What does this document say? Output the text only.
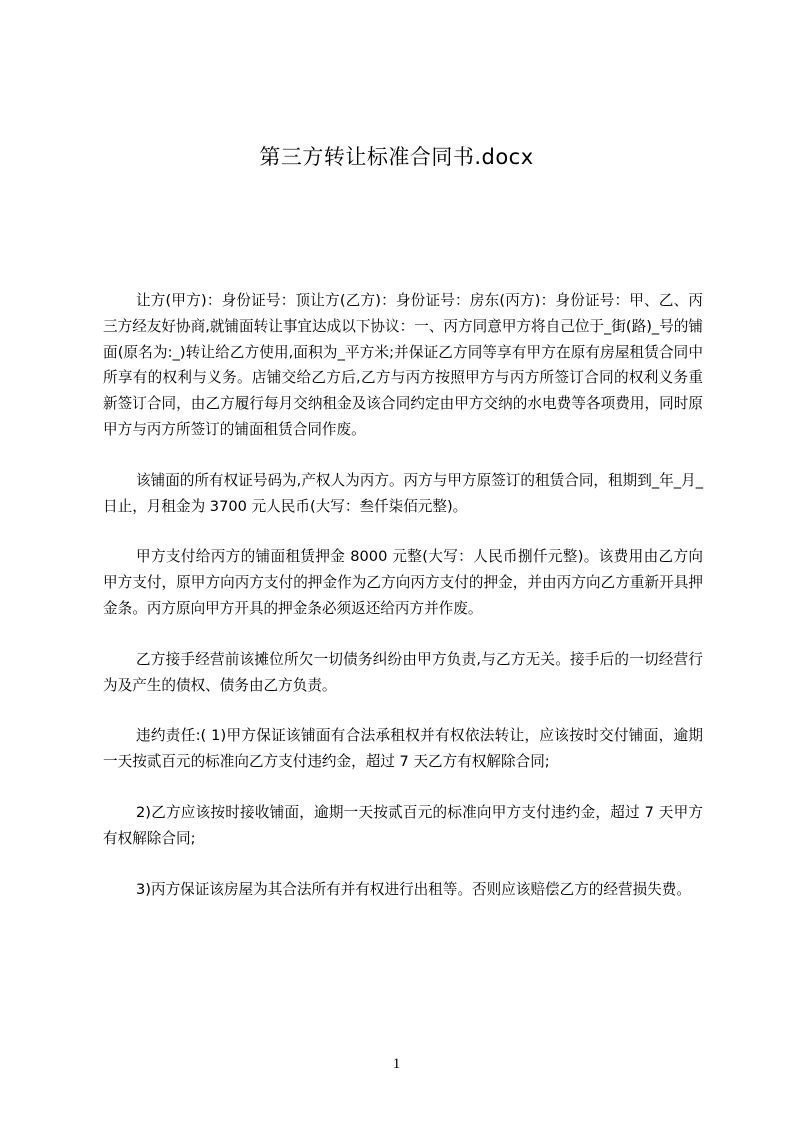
第三方转让标准合同书.docx

让方(甲方)：身份证号：顶让方(乙方)：身份证号：房东(丙方)：身份证号：甲、乙、丙三方经友好协商,就铺面转让事宜达成以下协议：一、丙方同意甲方将自己位于_街(路)_号的铺面(原名为:_)转让给乙方使用,面积为_平方米;并保证乙方同等享有甲方在原有房屋租赁合同中所享有的权利与义务。店铺交给乙方后,乙方与丙方按照甲方与丙方所签订合同的权利义务重新签订合同，由乙方履行每月交纳租金及该合同约定由甲方交纳的水电费等各项费用，同时原甲方与丙方所签订的铺面租赁合同作废。

该铺面的所有权证号码为,产权人为丙方。丙方与甲方原签订的租赁合同，租期到_年_月_日止，月租金为 3700 元人民币(大写：叁仟柒佰元整)。

甲方支付给丙方的铺面租赁押金 8000 元整(大写：人民币捌仟元整)。该费用由乙方向甲方支付，原甲方向丙方支付的押金作为乙方向丙方支付的押金，并由丙方向乙方重新开具押金条。丙方原向甲方开具的押金条必须返还给丙方并作废。

乙方接手经营前该摊位所欠一切债务纠纷由甲方负责,与乙方无关。接手后的一切经营行为及产生的债权、债务由乙方负责。

违约责任:( 1)甲方保证该铺面有合法承租权并有权依法转让，应该按时交付铺面，逾期一天按贰百元的标准向乙方支付违约金，超过 7 天乙方有权解除合同;

2)乙方应该按时接收铺面，逾期一天按贰百元的标准向甲方支付违约金，超过 7 天甲方有权解除合同;

3)丙方保证该房屋为其合法所有并有权进行出租等。否则应该赔偿乙方的经营损失费。

1
